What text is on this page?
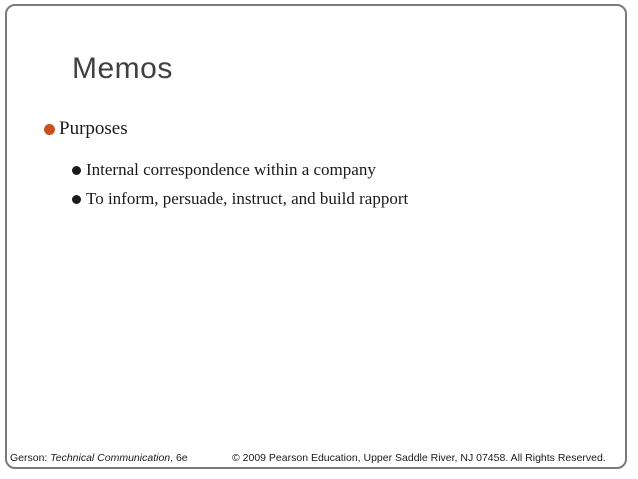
Memos
Purposes
Internal correspondence within a company
To inform, persuade, instruct, and build rapport
Gerson: Technical Communication, 6e	© 2009 Pearson Education, Upper Saddle River, NJ 07458. All Rights Reserved.
